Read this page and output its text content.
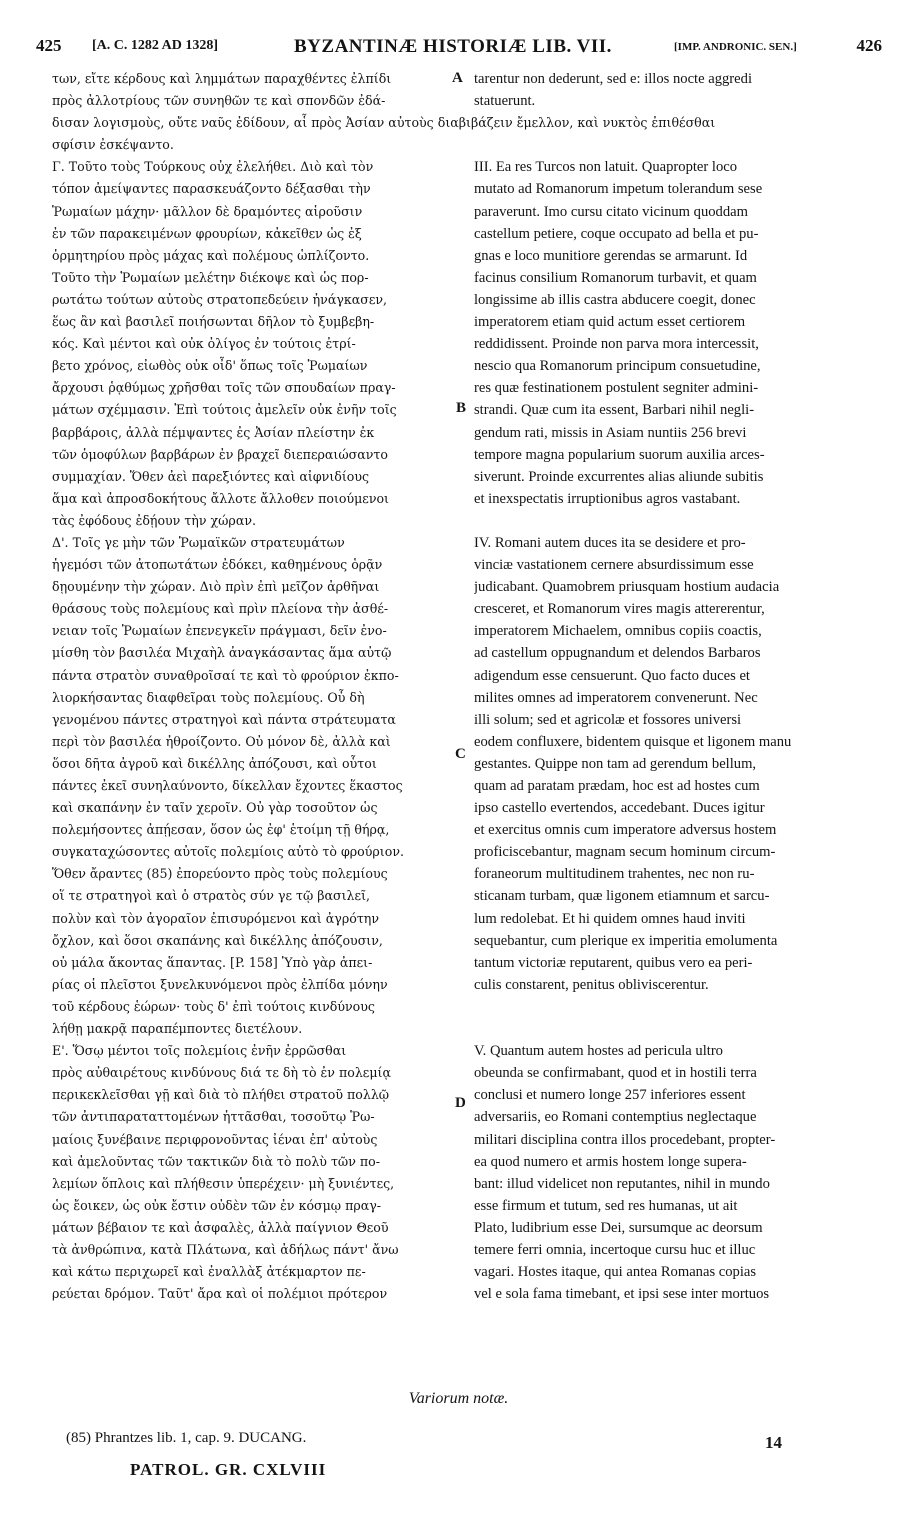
425 [A. C. 1282 AD 1328]	BYZANTINÆ HISTORIÆ LIB. VII.	[IMP. ANDRONIC. SEN.]	426
των, εἴτε κέρδους καὶ λημμάτων παραχθέντες ἐλπίδι
πρὸς ἀλλοτρίους τῶν συνηθῶν τε καὶ σπονδῶν ἐδά-
σφίσιν ἐσκέψαντο.
Γ. Τοῦτο τοὺς Τούρκους οὐχ ἐλελήθει. Διὸ καὶ τὸν
τόπον ἀμείψαντες παρασκευάζοντο δέξασθαι τὴν
Ῥωμαίων μάχην· μᾶλλον δὲ δραμόντες αἱροῦσιν
ἐν τῶν παρακειμένων φρουρίων, κἀκεῖθεν ὡς ἐξ
ὁρμητηρίου πρὸς μάχας καὶ πολέμους ὡπλίζοντο.
Τοῦτο τὴν Ῥωμαίων μελέτην διέκοψε καὶ ὡς πορ-
ρωτάτω τούτων αὐτοὺς στρατοπεδεύειν ἠνάγκασεν,
ἕως ἂν καὶ βασιλεῖ ποιήσωνται δῆλον τὸ ξυμβεβη-
κός. Καὶ μέντοι καὶ οὐκ ὀλίγος ἐν τούτοις ἐτρί-
βετο χρόνος, εἰωθὸς οὐκ οἶδ' ὅπως τοῖς Ῥωμαίων
ἄρχουσι ῥᾳθύμως χρῆσθαι τοῖς τῶν σπουδαίων πραγ-
μάτων σχέμμασιν. Ἐπὶ τούτοις ἀμελεῖν οὐκ ἐνῆν τοῖς
βαρβάροις, ἀλλὰ πέμψαντες ἐς Ἀσίαν πλείστην ἐκ
τῶν ὁμοφύλων βαρβάρων ἐν βραχεῖ διεπεραιώσαντο
συμμαχίαν. Ὅθεν ἀεὶ παρεξιόντες καὶ αἰφνιδίους
ἅμα καὶ ἀπροσδοκήτους ἄλλοτε ἄλλοθεν ποιούμενοι
τὰς ἐφόδους ἐδῄουν τὴν χώραν.
Δ'. Τοῖς γε μὴν τῶν Ῥωμαϊκῶν στρατευμάτων
ἡγεμόσι τῶν ἀτοπωτάτων ἐδόκει, καθημένους ὁρᾷν
δῃουμένην τὴν χώραν. Διὸ πρὶν ἐπὶ μεῖζον ἀρθῆναι
θράσους τοὺς πολεμίους καὶ πρὶν πλείονα τὴν ἀσθέ-
νειαν τοῖς Ῥωμαίων ἐπενεγκεῖν πράγμασι, δεῖν ἐνο-
μίσθη τὸν βασιλέα Μιχαὴλ ἀναγκάσαντας ἅμα αὐτῷ
πάντα στρατὸν συναθροῖσαί τε καὶ τὸ φρούριον ἐκπο-
λιορκήσαντας διαφθεῖραι τοὺς πολεμίους. Οὗ δὴ
γενομένου πάντες στρατηγοὶ καὶ πάντα στράτευματα
περὶ τὸν βασιλέα ἠθροίζοντο. Οὐ μόνον δὲ, ἀλλὰ καὶ
ὅσοι δῆτα ἀγροῦ καὶ δικέλλης ἀπόζουσι, καὶ οὗτοι
πάντες ἐκεῖ συνηλαύνοντο, δίκελλαν ἔχοντες ἕκαστος
καὶ σκαπάνην ἐν ταῖν χεροῖν. Οὐ γὰρ τοσοῦτον ὡς
πολεμήσοντες ἀπῄεσαν, ὅσον ὡς ἐφ' ἑτοίμη τῇ θήρᾳ,
συγκαταχώσοντες αὐτοῖς πολεμίοις αὐτὸ τὸ φρούριον.
Ὅθεν ἄραντες (85) ἐπορεύοντο πρὸς τοὺς πολεμίους
οἵ τε στρατηγοὶ καὶ ὁ στρατὸς σύν γε τῷ βασιλεῖ,
πολὺν καὶ τὸν ἀγοραῖον ἐπισυρόμενοι καὶ ἀγρότην
ὄχλον, καὶ ὅσοι σκαπάνης καὶ δικέλλης ἀπόζουσιν,
οὐ μάλα ἄκοντας ἅπαντας. [P. 158] Ὑπὸ γὰρ ἀπει-
ρίας οἱ πλεῖστοι ξυνελκυνόμενοι πρὸς ἐλπίδα μόνην
τοῦ κέρδους ἑώρων· τοὺς δ' ἐπὶ τούτοις κινδύνους
λήθῃ μακρᾷ παραπέμποντες διετέλουν.
Ε'. Ὅσῳ μέντοι τοῖς πολεμίοις ἐνῆν ἐρρῶσθαι
πρὸς αὐθαιρέτους κινδύνους διά τε δὴ τὸ ἐν πολεμίᾳ
περικεκλεῖσθαι γῇ καὶ διὰ τὸ πλήθει στρατοῦ πολλῷ
τῶν ἀντιπαραταττομένων ἡττᾶσθαι, τοσοῦτῳ Ῥω-
μαίοις ξυνέβαινε περιφρονοῦντας ἰέναι ἐπ' αὐτοὺς
καὶ ἀμελοῦντας τῶν τακτικῶν διὰ τὸ πολὺ τῶν πο-
λεμίων ὅπλοις καὶ πλήθεσιν ὑπερέχειν· μὴ ξυνιέντες,
ὡς ἔοικεν, ὡς οὐκ ἔστιν οὐδὲν τῶν ἐν κόσμῳ πραγ-
μάτων βέβαιον τε καὶ ἀσφαλὲς, ἀλλὰ παίγνιον Θεοῦ
τὰ ἀνθρώπινα, κατὰ Πλάτωνα, καὶ ἀδήλως πάντ' ἄνω
καὶ κάτω περιχωρεῖ καὶ ἐναλλὰξ ἀτέκμαρτον πε-
ρεύεται δρόμον. Ταῦτ' ἄρα καὶ οἱ πολέμιοι πρότερον
δισαν λογισμοὺς, οὔτε ναῦς ἐδίδουν, αἷ πρὸς Ἀσίαν αὐτοὺς διαβιβάζειν ἔμελλον, καὶ νυκτὸς ἐπιθέσθαι
tarentur non dederunt, sed e: illos nocte aggredi
statuerunt.
III. Ea res Turcos non latuit. Quapropter loco
mutato ad Romanorum impetum tolerandum sese
paraverunt. Imo cursu citato vicinum quoddam
castellum petiere, coque occupato ad bella et pu-
gnas e loco munitiore gerendas se armarunt. Id
facinus consilium Romanorum turbavit, et quam
longissime ab illis castra abducere coegit, donec
imperatorem etiam quid actum esset certiorem
reddidissent. Proinde non parva mora intercessit,
nescio qua Romanorum principum consuetudine,
res quæ festinationem postulent segniter admini-
strandi. Quæ cum ita essent, Barbari nihil negli-
gendum rati, missis in Asiam nuntiis 256 brevi
tempore magna popularium suorum auxilia arces-
siverunt. Proinde excurrentes alias aliunde subitis
et inexspectatis irruptionibus agros vastabant.
IV. Romani autem duces ita se desidere et pro-
vinciæ vastationem cernere absurdissimum esse
judicabant. Quamobrem priusquam hostium audacia
cresceret, et Romanorum vires magis attererentur,
imperatorem Michaelem, omnibus copiis coactis,
ad castellum oppugnandum et delendos Barbaros
adigendum esse censuerunt. Quo facto duces et
milites omnes ad imperatorem convenerunt. Nec
illi solum; sed et agricolæ et fossores universi
eodem confluxere, bidentem quisque et ligonem manu
gestantes. Quippe non tam ad gerendum bellum,
quam ad paratam prædam, hoc est ad hostes cum
ipso castello evertendos, accedebant. Duces igitur
et exercitus omnis cum imperatore adversus hostem
proficiscebantur, magnam secum hominum circum-
foraneorum multitudinem trahentes, nec non ru-
sticanam turbam, quæ ligonem etiamnum et sarcu-
lum redolebat. Et hi quidem omnes haud inviti
sequebantur, cum plerique ex imperitia emolumenta
tantum victoriæ reputarent, quibus vero ea peri-
culis constarent, penitus obliviscerentur.
V. Quantum autem hostes ad pericula ultro
obeunda se confirmabant, quod et in hostili terra
conclusi et numero longe 257 inferiores essent
adversariis, eo Romani contemptius neglectaque
militari disciplina contra illos procedebant, propter-
ea quod numero et armis hostem longe supera-
bant: illud videlicet non reputantes, nihil in mundo
esse firmum et tutum, sed res humanas, ut ait
Plato, ludibrium esse Dei, sursumque ac deorsum
temere ferri omnia, incertoque cursu huc et illuc
vagari. Hostes itaque, qui antea Romanas copias
vel e sola fama timebant, et ipsi sese inter mortuos
A
B
C
D
Variorum notæ.
(85) Phrantzes lib. 1, cap. 9. DUCANG.
PATROL. GR. CXLVIII
14
